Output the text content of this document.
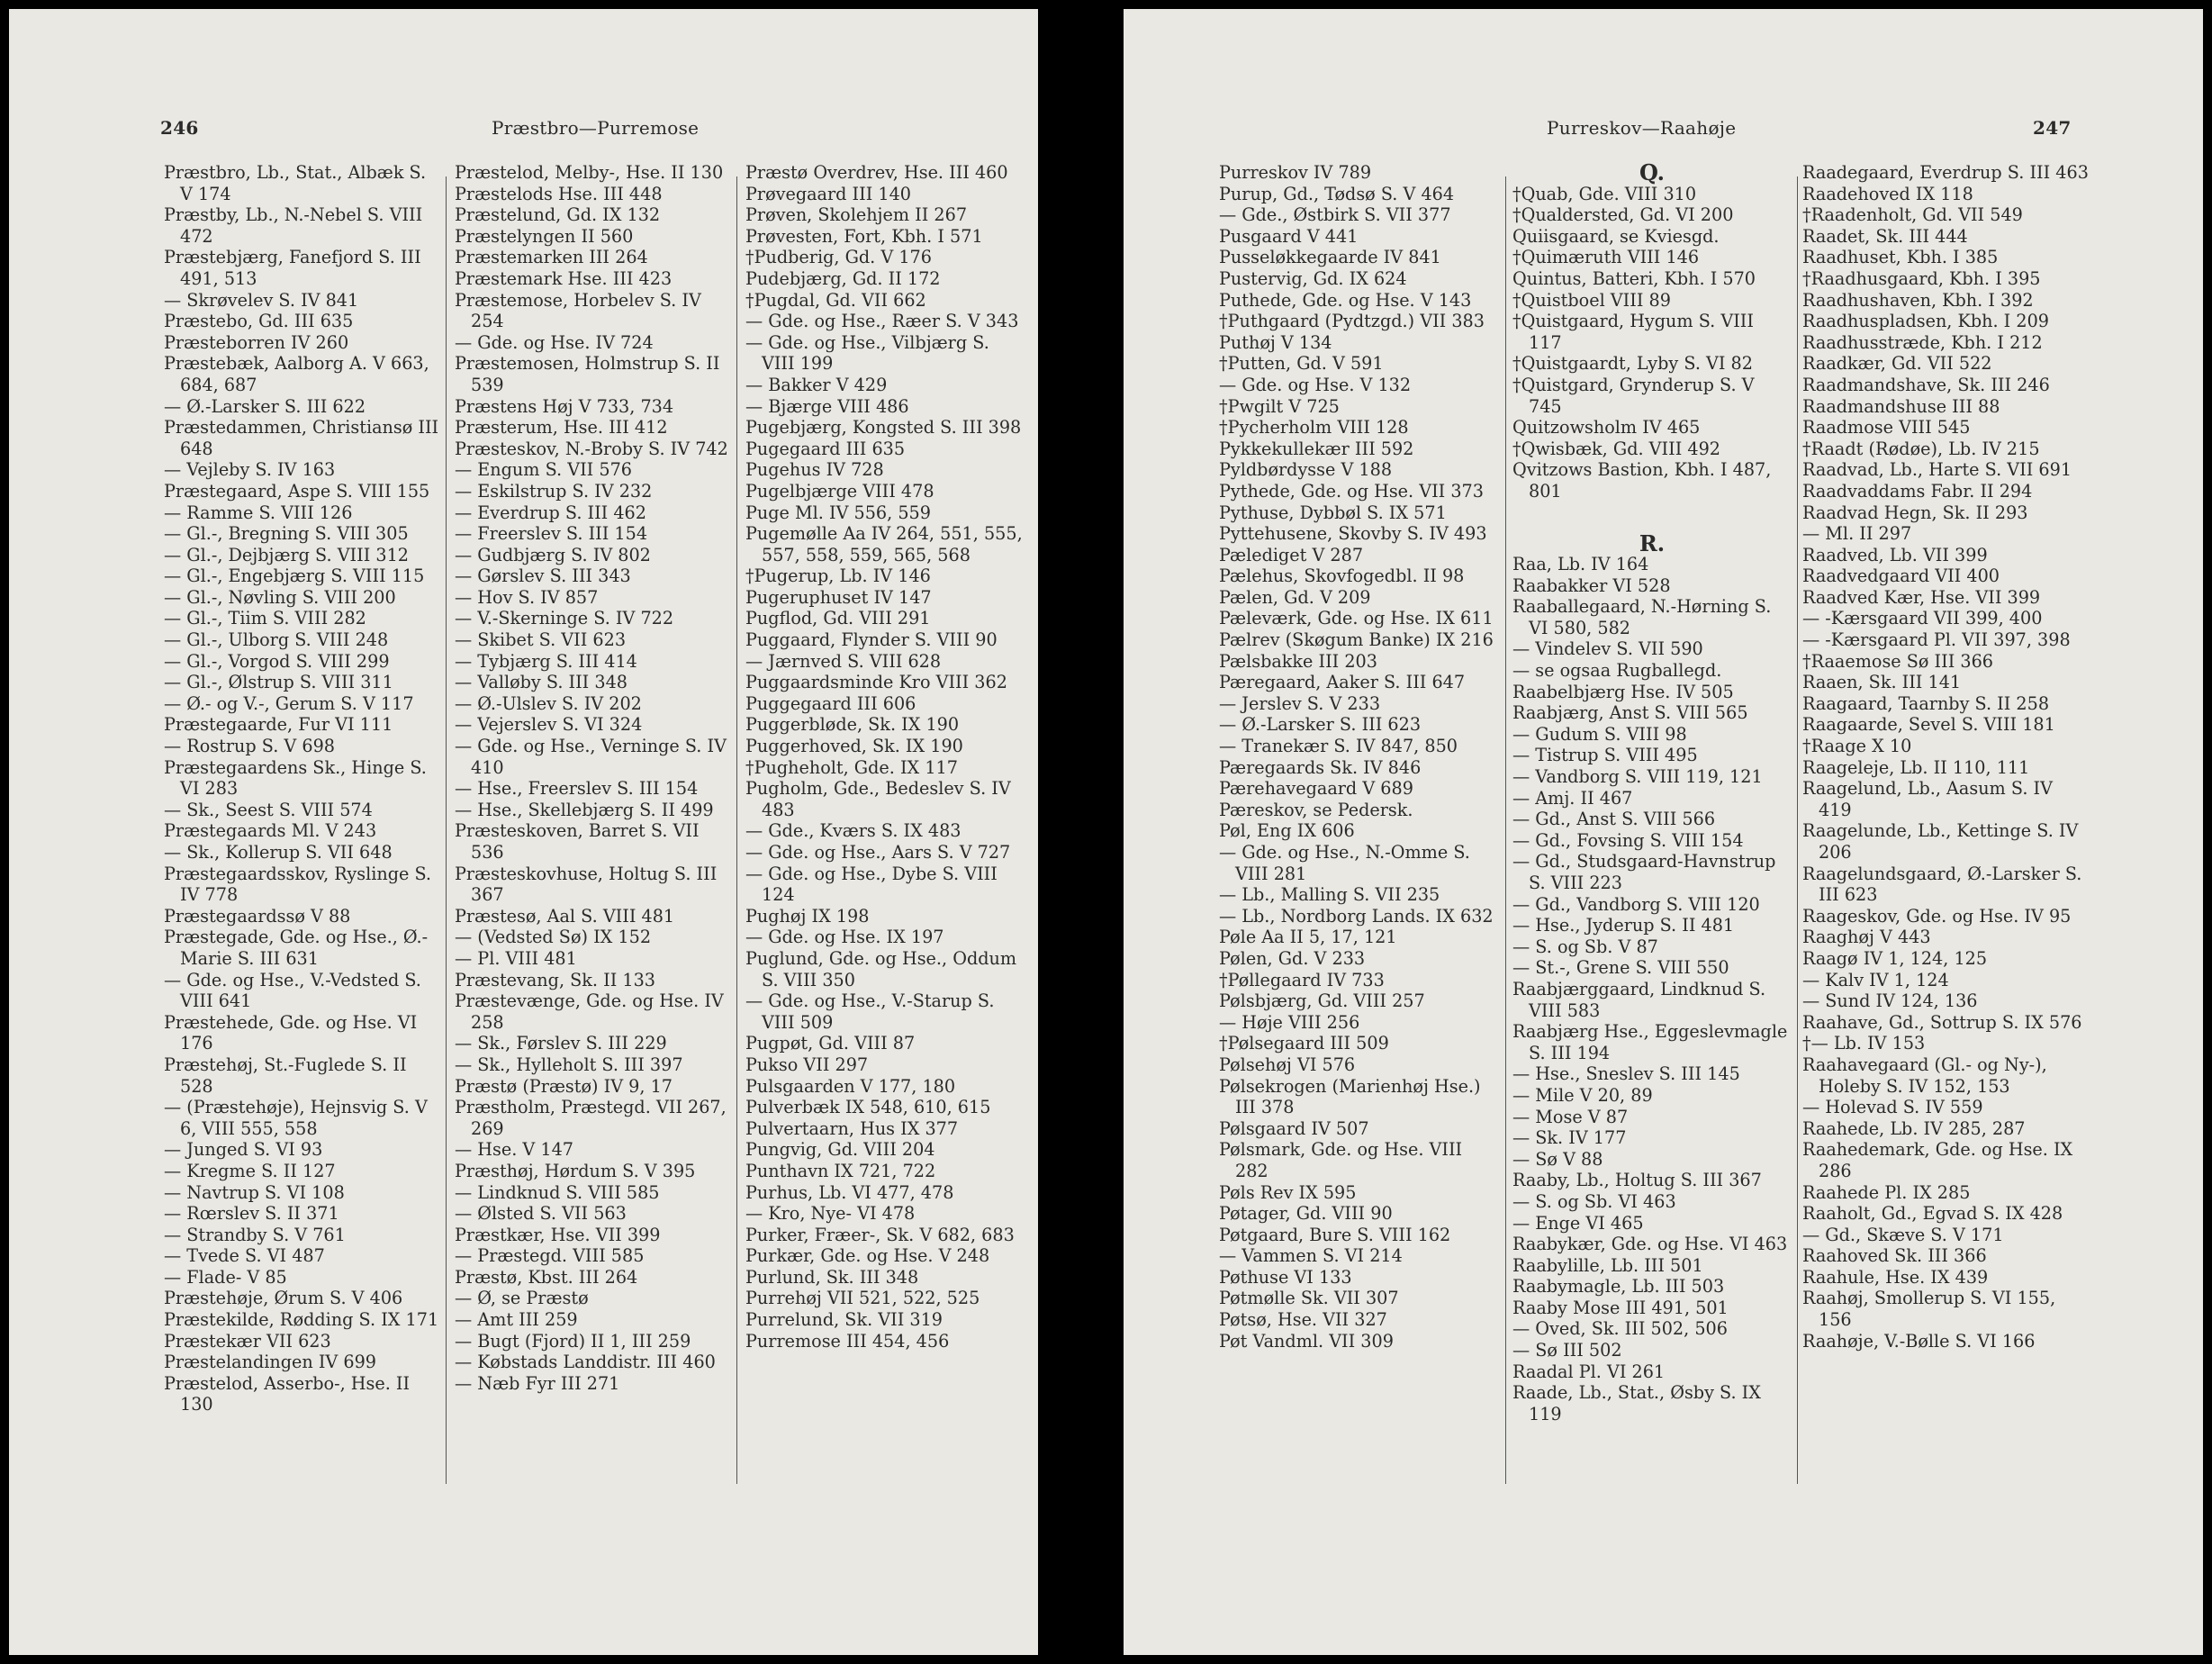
246	Præstbro—Purremose
Præstbro, Lb., Stat., Albæk S. V 174
Præstby, Lb., N.-Nebel S. VIII 472
Præstebjærg, Fanefjord S. III 491, 513
— Skrøvelev S. IV 841
Præstebo, Gd. III 635
Præsteborren IV 260
Præstebæk, Aalborg A. V 663, 684, 687
— Ø.-Larsker S. III 622
Præstedammen, Christiansø III 648
— Vejleby S. IV 163
Præstegaard, Aspe S. VIII 155
— Ramme S. VIII 126
— Gl.-, Bregning S. VIII 305
— Gl.-, Dejbjærg S. VIII 312
— Gl.-, Engebjærg S. VIII 115
— Gl.-, Nøvling S. VIII 200
— Gl.-, Tiim S. VIII 282
— Gl.-, Ulborg S. VIII 248
— Gl.-, Vorgod S. VIII 299
— Gl.-, Ølstrup S. VIII 311
— Ø.- og V.-, Gerum S. V 117
Præstegaarde, Fur VI 111
— Rostrup S. V 698
Præstegaardens Sk., Hinge S. VI 283
— Sk., Seest S. VIII 574
Præstegaards Ml. V 243
— Sk., Kollerup S. VII 648
Præstegaardsskov, Ryslinge S. IV 778
Præstegaardssø V 88
Præstegade, Gde. og Hse., Ø.-Marie S. III 631
— Gde. og Hse., V.-Vedsted S. VIII 641
Præstehede, Gde. og Hse. VI 176
Præstehøj, St.-Fuglede S. II 528
— (Præstehøje), Hejnsvig S. V 6, VIII 555, 558
— Junged S. VI 93
— Kregme S. II 127
— Navtrup S. VI 108
— Rœrslev S. II 371
— Strandby S. V 761
— Tvede S. VI 487
— Flade- V 85
Præstehøje, Ørum S. V 406
Præstekilde, Rødding S. IX 171
Præstekær VII 623
Præstelandingen IV 699
Præstelod, Asserbo-, Hse. II 130
Præstelod, Melby-, Hse. II 130
Præstelods Hse. III 448
Præstelund, Gd. IX 132
Præstelyngen II 560
Præstemarken III 264
Præstemark Hse. III 423
Præstemose, Horbelev S. IV 254
— Gde. og Hse. IV 724
Præstemosen, Holmstrup S. II 539
Præstens Høj V 733, 734
Præsterum, Hse. III 412
Præsteskov, N.-Broby S. IV 742
— Engum S. VII 576
— Eskilstrup S. IV 232
— Everdrup S. III 462
— Freerslev S. III 154
— Gudbjærg S. IV 802
— Gørslev S. III 343
— Hov S. IV 857
— V.-Skerninge S. IV 722
— Skibet S. VII 623
— Tybjærg S. III 414
— Valløby S. III 348
— Ø.-Ulslev S. IV 202
— Vejerslev S. VI 324
— Gde. og Hse., Verninge S. IV 410
— Hse., Freerslev S. III 154
— Hse., Skellebjærg S. II 499
Præsteskoven, Barret S. VII 536
Præsteskovhuse, Holtug S. III 367
Præstesø, Aal S. VIII 481
— (Vedsted Sø) IX 152
— Pl. VIII 481
Præstevang, Sk. II 133
Præstevænge, Gde. og Hse. IV 258
— Sk., Førslev S. III 229
— Sk., Hylleholt S. III 397
Præstø (Præstø) IV 9, 17
Præstholm, Præstegd. VII 267, 269
— Hse. V 147
Præsthøj, Hørdum S. V 395
— Lindknud S. VIII 585
— Ølsted S. VII 563
Præstkær, Hse. VII 399
— Præstegd. VIII 585
Præstø, Kbst. III 264
— Ø, se Præstø
— Amt III 259
— Bugt (Fjord) II 1, III 259
— Købstads Landdistr. III 460
— Næb Fyr III 271
Præstø Overdrev, Hse. III 460
Prøvegaard III 140
Prøven, Skolehjem II 267
Prøvesten, Fort, Kbh. I 571
†Pudberig, Gd. V 176
Pudebjærg, Gd. II 172
†Pugdal, Gd. VII 662
— Gde. og Hse., Ræer S. V 343
— Gde. og Hse., Vilbjærg S. VIII 199
— Bakker V 429
— Bjærge VIII 486
Pugebjærg, Kongsted S. III 398
Pugegaard III 635
Pugehus IV 728
Pugelbjærge VIII 478
Puge Ml. IV 556, 559
Pugemølle Aa IV 264, 551, 555, 557, 558, 559, 565, 568
†Pugerup, Lb. IV 146
Pugeruphuset IV 147
Pugflod, Gd. VIII 291
Puggaard, Flynder S. VIII 90
— Jærnved S. VIII 628
Puggaardsminde Kro VIII 362
Puggegaard III 606
Puggerbløde, Sk. IX 190
Puggerhoved, Sk. IX 190
†Pugheholt, Gde. IX 117
Pugholm, Gde., Bedeslev S. IV 483
— Gde., Kværs S. IX 483
— Gde. og Hse., Aars S. V 727
— Gde. og Hse., Dybe S. VIII 124
Pughøj IX 198
— Gde. og Hse. IX 197
Puglund, Gde. og Hse., Oddum S. VIII 350
— Gde. og Hse., V.-Starup S. VIII 509
Pugpøt, Gd. VIII 87
Pukso VII 297
Pulsgaarden V 177, 180
Pulverbæk IX 548, 610, 615
Pulvertaarn, Hus IX 377
Pungvig, Gd. VIII 204
Punthavn IX 721, 722
Purhus, Lb. VI 477, 478
— Kro, Nye- VI 478
Purker, Fræer-, Sk. V 682, 683
Purkær, Gde. og Hse. V 248
Purlund, Sk. III 348
Purrehøj VII 521, 522, 525
Purrelund, Sk. VII 319
Purremose III 454, 456
Purreskov—Raahøje	247
Purreskov IV 789
Purup, Gd., Tødsø S. V 464
— Gde., Østbirk S. VII 377
Pusgaard V 441
Pusseløkkegaarde IV 841
Pustervig, Gd. IX 624
Puthede, Gde. og Hse. V 143
†Puthgaard (Pydtzgd.) VII 383
Puthøj V 134
†Putten, Gd. V 591
— Gde. og Hse. V 132
†Pwgilt V 725
†Pycherholm VIII 128
Pykkekullekær III 592
Pyldbørdysse V 188
Pythede, Gde. og Hse. VII 373
Pythuse, Dybbøl S. IX 571
Pyttehusene, Skovby S. IV 493
Pælediget V 287
Pælehus, Skovfogedbl. II 98
Pælen, Gd. V 209
Pæleværk, Gde. og Hse. IX 611
Pælrev (Skøgum Banke) IX 216
Pælsbakke III 203
Pæregaard, Aaker S. III 647
— Jerslev S. V 233
— Ø.-Larsker S. III 623
— Tranekær S. IV 847, 850
Pæregaards Sk. IV 846
Pærehavegaard V 689
Pæreskov, se Pedersk.
Pøl, Eng IX 606
— Gde. og Hse., N.-Omme S. VIII 281
— Lb., Malling S. VII 235
— Lb., Nordborg Lands. IX 632
Pøle Aa II 5, 17, 121
Pølen, Gd. V 233
†Pøllegaard IV 733
Pølsbjærg, Gd. VIII 257
— Høje VIII 256
†Pølsegaard III 509
Pølsehøj VI 576
Pølsekrogen (Marienhøj Hse.) III 378
Pølsgaard IV 507
Pølsmark, Gde. og Hse. VIII 282
Pøls Rev IX 595
Pøtager, Gd. VIII 90
Pøtgaard, Bure S. VIII 162
— Vammen S. VI 214
Pøthuse VI 133
Pøtmølle Sk. VII 307
Pøtsø, Hse. VII 327
Pøt Vandml. VII 309
Q.
†Quab, Gde. VIII 310
†Qualdersted, Gd. VI 200
Quiisgaard, se Kviesgd.
†Quimæruth VIII 146
Quintus, Batteri, Kbh. I 570
†Quistboel VIII 89
†Quistgaard, Hygum S. VIII 117
†Quistgaardt, Lyby S. VI 82
†Quistgard, Grynderup S. V 745
Quitzowsholm IV 465
†Qwisbæk, Gd. VIII 492
Qvitzows Bastion, Kbh. I 487, 801
R.
Raa, Lb. IV 164
Raabakker VI 528
Raaballegaard, N.-Hørning S. VI 580, 582
— Vindelev S. VII 590
— se ogsaa Rugballegd.
Raabelbjærg Hse. IV 505
Raabjærg, Anst S. VIII 565
— Gudum S. VIII 98
— Tistrup S. VIII 495
— Vandborg S. VIII 119, 121
— Amj. II 467
— Gd., Anst S. VIII 566
— Gd., Fovsing S. VIII 154
— Gd., Studsgaard-Havnstrup S. VIII 223
— Gd., Vandborg S. VIII 120
— Hse., Jyderup S. II 481
— S. og Sb. V 87
— St.-, Grene S. VIII 550
Raabjærggaard, Lindknud S. VIII 583
Raabjærg Hse., Eggeslevmagle S. III 194
— Hse., Sneslev S. III 145
— Mile V 20, 89
— Mose V 87
— Sk. IV 177
— Sø V 88
Raaby, Lb., Holtug S. III 367
— S. og Sb. VI 463
— Enge VI 465
Raabykær, Gde. og Hse. VI 463
Raabylille, Lb. III 501
Raabymagle, Lb. III 503
Raaby Mose III 491, 501
— Oved, Sk. III 502, 506
— Sø III 502
Raadal Pl. VI 261
Raade, Lb., Stat., Øsby S. IX 119
Raadegaard, Everdrup S. III 463
Raadehoved IX 118
†Raadenholt, Gd. VII 549
Raadet, Sk. III 444
Raadhuset, Kbh. I 385
†Raadhusgaard, Kbh. I 395
Raadhushaven, Kbh. I 392
Raadhuspladsen, Kbh. I 209
Raadhusstræde, Kbh. I 212
Raadkær, Gd. VII 522
Raadmandshave, Sk. III 246
Raadmandshuse III 88
Raadmose VIII 545
†Raadt (Rødøe), Lb. IV 215
Raadvad, Lb., Harte S. VII 691
Raadvaddams Fabr. II 294
Raadvad Hegn, Sk. II 293
— Ml. II 297
Raadved, Lb. VII 399
Raadvedgaard VII 400
Raadved Kær, Hse. VII 399
— -Kærsgaard VII 399, 400
— -Kærsgaard Pl. VII 397, 398
†Raaemose Sø III 366
Raaen, Sk. III 141
Raagaard, Taarnby S. II 258
Raagaarde, Sevel S. VIII 181
†Raage X 10
Raageleje, Lb. II 110, 111
Raagelund, Lb., Aasum S. IV 419
Raagelunde, Lb., Kettinge S. IV 206
Raagelundsgaard, Ø.-Larsker S. III 623
Raageskov, Gde. og Hse. IV 95
Raaghøj V 443
Raagø IV 1, 124, 125
— Kalv IV 1, 124
— Sund IV 124, 136
Raahave, Gd., Sottrup S. IX 576
†— Lb. IV 153
Raahavegaard (Gl.- og Ny-), Holeby S. IV 152, 153
— Holevad S. IV 559
Raahede, Lb. IV 285, 287
Raahedemark, Gde. og Hse. IX 286
Raahede Pl. IX 285
Raaholt, Gd., Egvad S. IX 428
— Gd., Skæve S. V 171
Raahoved Sk. III 366
Raahule, Hse. IX 439
Raahøj, Smollerup S. VI 155, 156
Raahøje, V.-Bølle S. VI 166
